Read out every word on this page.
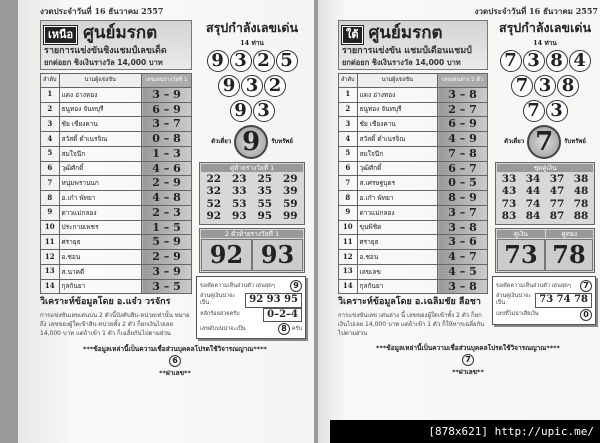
งวดประจำวันที่ 16 ธันวาคม 2557
เหนือ ศูนย์มรกต
รายการแข่งขันชิงแชมป์เลขเด็ด
ยกต่อยก ชิงเงินรางวัล 14,000 บาท
ลำดับ	นามผู้แข่งขัน	เลขเด่นรางวัลที่ 1
1	แดง อ่างทอง	3 – 9
2	ธนูทอง จันทบุรี	6 – 9
3	ชัย เชียงคาน	3 – 7
4	สวัสดิ์ ดำเนรจิณ	0 – 8
5	สมใจนึก	1 – 3
6	วุฒิศักดิ์	4 – 6
7	หนุ่มพรานนก	2 – 9
8	อ.เก๋า พัทยา	4 – 8
9	ดาวแม่กลอง	2 – 3
10	ประกายเพชร	1 – 5
11	ศรายุธ	5 – 9
12	อ.ชอน	2 – 9
13	ส.นาคดี	3 – 9
14	กุลกันยา	3 – 5
วิเคราะห์ข้อมูลโดย อ.แจ๋ว วรจักร
การแข่งขันเลขเด่นบน 2 ตัวนี้บังคับสิบ-หน่วยเท่านั้น หมายถึง เลขของผู้ใดเข้าสิบ-หน่วยทั้ง 2 ตัว ก็ยกเงินไปเลย 14,000 บาท แต่ถ้าเข้า 1 ตัว ก็เฉลี่ยกันไปตามส่วน
สรุปกำลังเลขเด่น
14 ท่าน
9 3 2 5
9 3 2
9 3
ตัวเดี่ยว 9	รับทรัพย์
คู่ท้ายรางวัลที่ 1
22	23	25	29
32	33	35	39
52	53	55	59
92	93	95	99
2 ตัวท้ายรางวัลที่ 1
92 93
ขอคัดความเห็นส่วนตัว เด่นสุดๆ	9
ส่วนคู่เงินน่าจะเป็น	92 93 95
หลักร้อยสวยครับ	0–2–4
เลขดับบนน่าจะเป็น	8 ครับ
***ข้อมูลเหล่านี้เป็นความเชื่อส่วนบุคคลโปรดใช้วิจารณญาณ****
6
**ผ่าเลข**
งวดประจำวันที่ 16 ธันวาคม 2557
ใต้ ศูนย์มรกต
รายการแข่งขัน แชมป์เดือนแชมป์
ยกต่อยก ชิงเงินรางวัล 14,000 บาท
ลำดับ	นามผู้แข่งขัน	เลขเด่นล่าง 2 ตัว
1	แดง อ่างทอง	3 – 8
2	ธนูทอง จันทบุรี	2 – 7
3	ชัย เชียงคาน	6 – 9
4	สวัสดิ์ ดำเนรจิณ	4 – 9
5	สมใจนึก	7 – 8
6	วุฒิศักดิ์	6 – 7
7	ส.เศรษฐบุตร	0 – 5
8	อ.เก๋า พัทยา	8 – 9
9	ดาวแม่กลอง	3 – 7
10	ขุนพิชิต	3 – 8
11	ศรายุธ	3 – 6
12	อ.ชอน	4 – 7
13	เลขเลข	4 – 5
14	กุลกันยา	3 – 8
วิเคราะห์ข้อมูลโดย อ.เฉลิมชัย ลือชา
การแข่งขันเลข เด่นล่าง นี้ เลขของผู้ใดเข้าทั้ง 2 ตัว ก็ยกเงินไปเลย 14,000 บาท แต่ถ้าเข้า 1 ตัว ก็ให้หารเฉลี่ยกันไปตามส่วน
สรุปกำลังเลขเด่น
14 ท่าน
7 3 8 4
7 3 8
7 3
ตัวเดี่ยว 7	รับทรัพย์
ชุดคู่เงิน
33 34 37 38
43 44 47 48
73 74 77 78
83 84 87 88
คู่เงิน	คู่ทอง
73 78
ขอคัดความเห็นส่วนตัว เด่นสุดๆ	7
ส่วนคู่เงินน่าจะเป็น	73 74 78
เลขที่ไม่น่าเสียเงิน	0
***ข้อมูลเหล่านี้เป็นความเชื่อส่วนบุคคลโปรดใช้วิจารณญาณ****
7
**ผ่าเลข**
[878x621] http://upic.me/
